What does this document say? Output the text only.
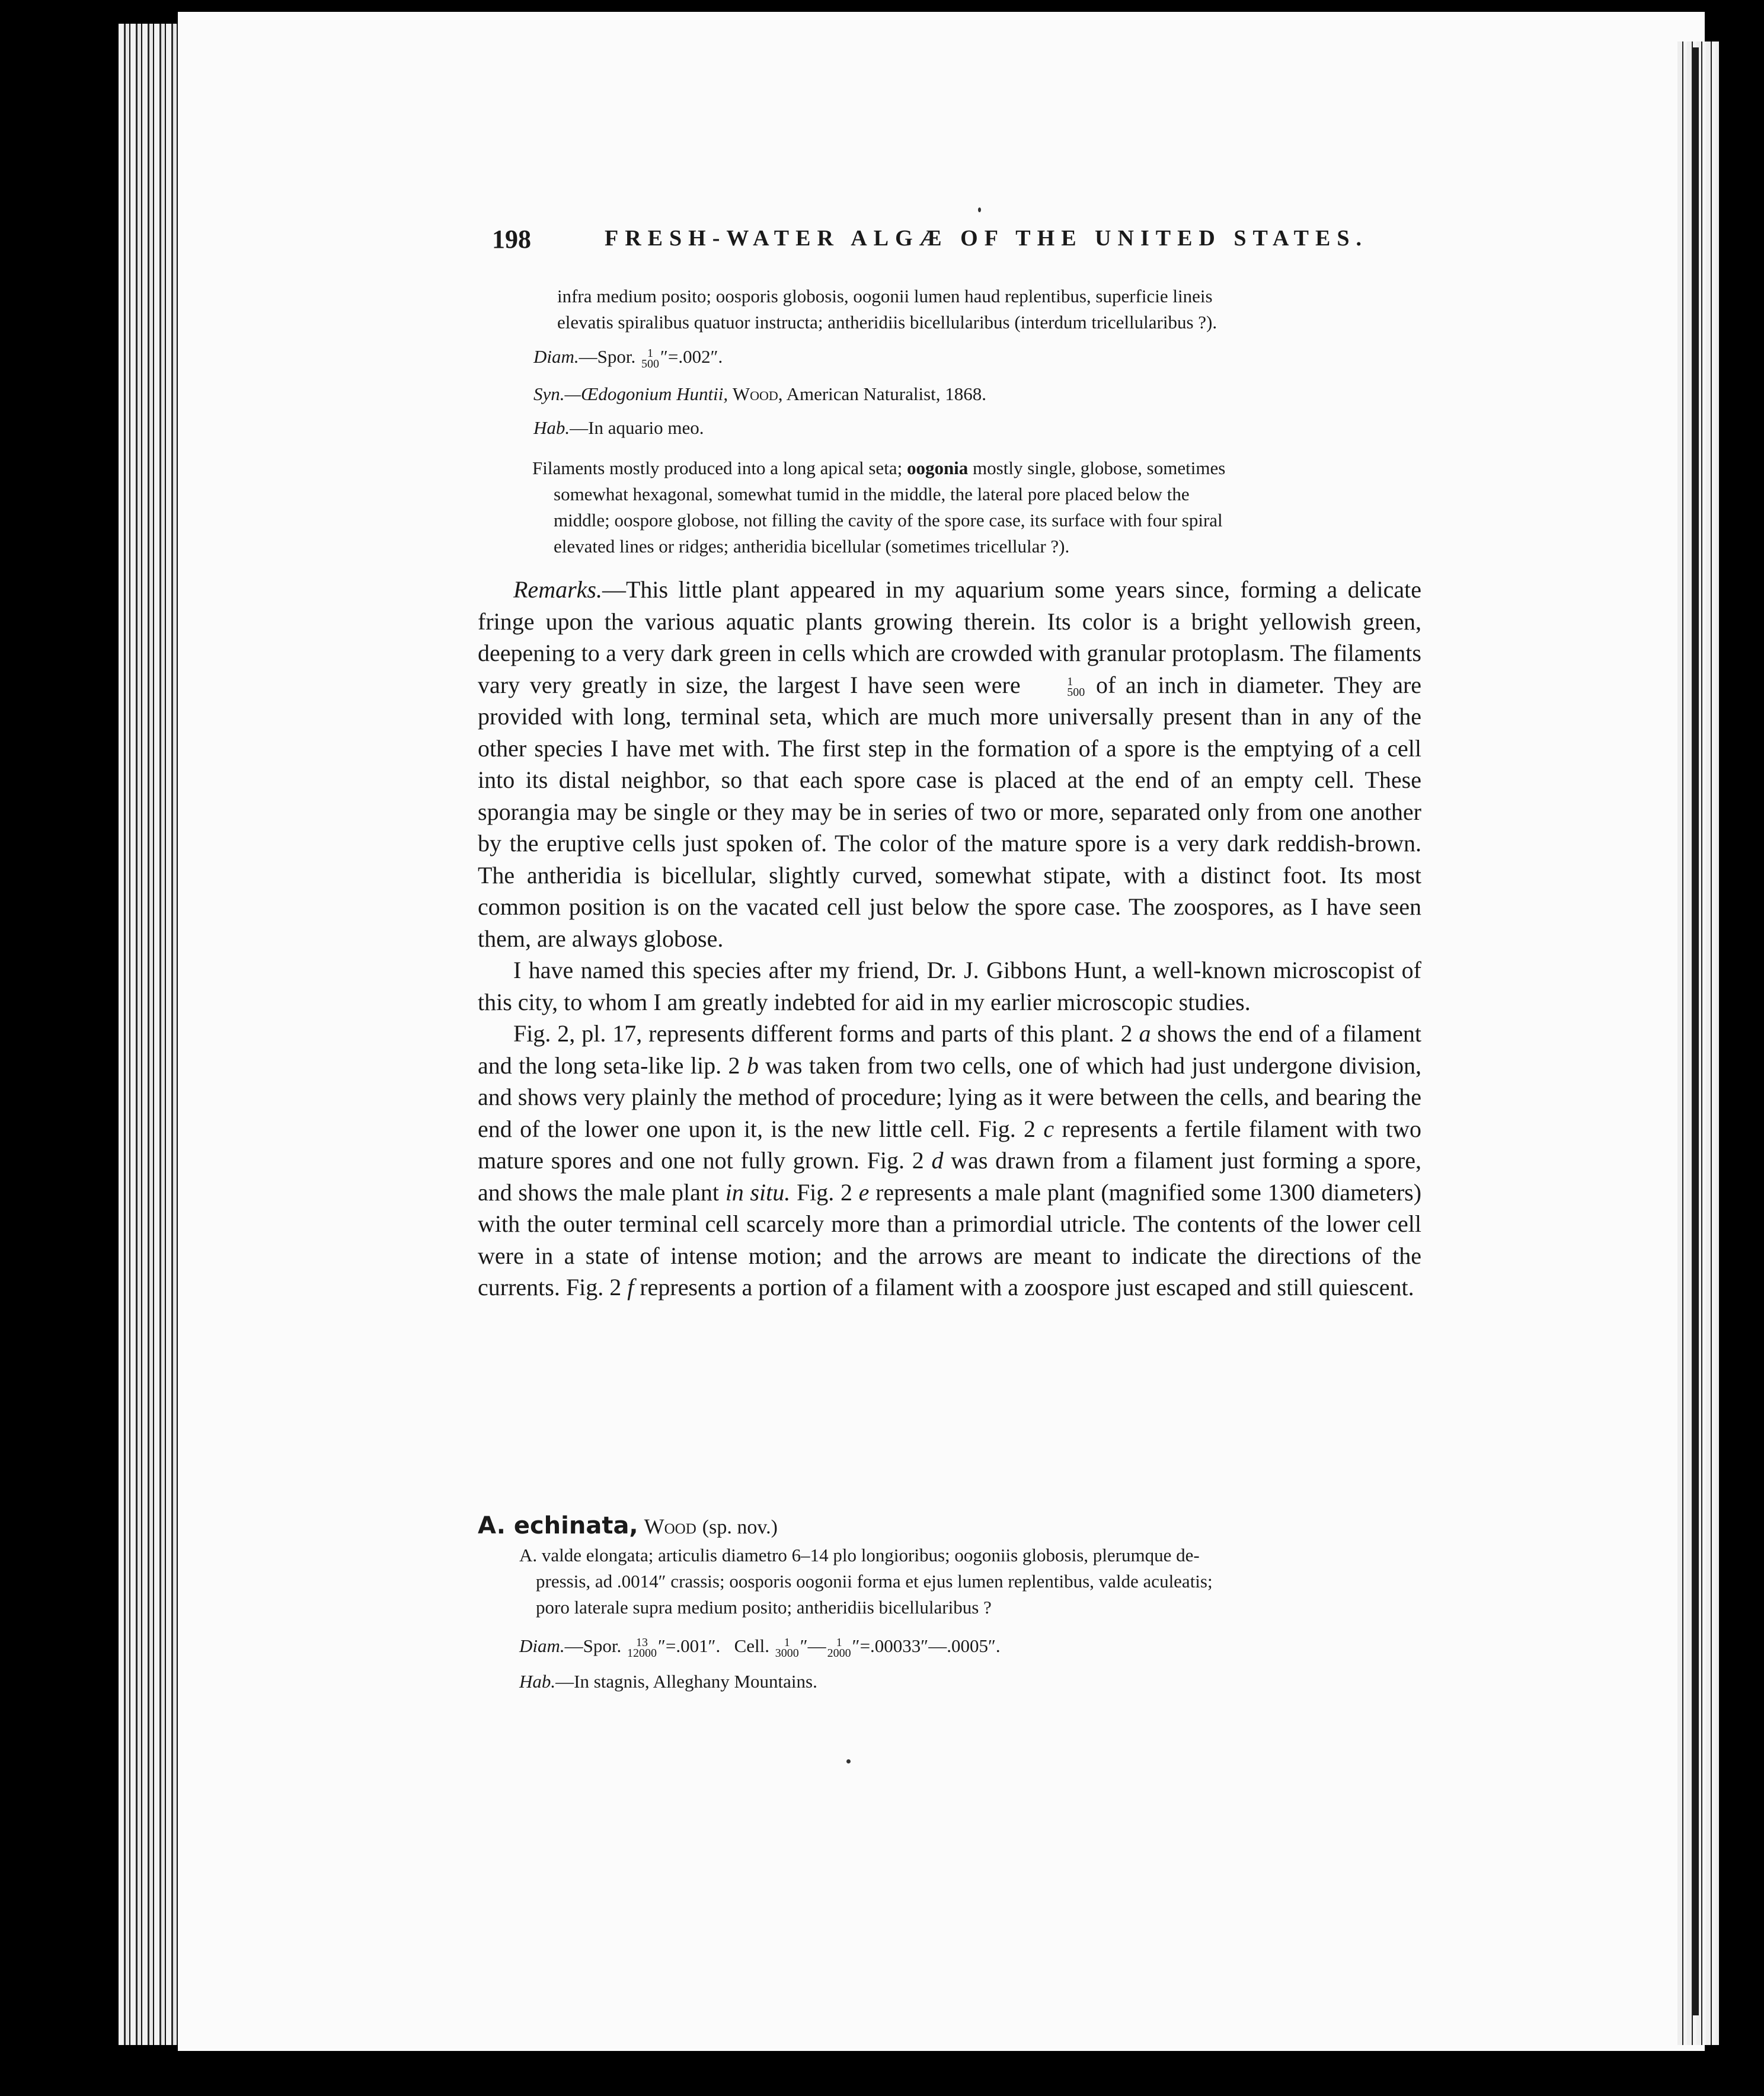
198	FRESH-WATER ALGÆ OF THE UNITED STATES.
infra medium posito; oosporis globosis, oogonii lumen haud replentibus, superficie lineis
elevatis spiralibus quatuor instructa; antheridiis bicellularibus (interdum tricellularibus ?).
Diam.—Spor. 1
500 ″=.002″.
Syn.—Œdogonium Huntii, Wood, American Naturalist, 1868.
Hab.—In aquario meo.
Filaments mostly produced into a long apical seta; oogonia mostly single, globose, sometimes
somewhat hexagonal, somewhat tumid in the middle, the lateral pore placed below the
middle; oospore globose, not filling the cavity of the spore case, its surface with four spiral
elevated lines or ridges; antheridia bicellular (sometimes tricellular ?).

Remarks.—This little plant appeared in my aquarium some years since, forming a delicate fringe upon the various aquatic plants growing therein. Its color is a bright yellowish green, deepening to a very dark green in cells which are crowded with granular protoplasm. The filaments vary very greatly in size, the largest I have seen were	1
500 of an inch in diameter. They are provided with long, terminal seta, which are much more universally present than in any of the other species I have met with. The first step in the formation of a spore is the emptying of a cell into its distal neighbor, so that each spore case is placed at the end of an empty cell. These sporangia may be single or they may be in series of two or more, separated only from one another by the eruptive cells just spoken of. The color of the mature spore is a very dark reddish-brown. The antheridia is bicellular, slightly curved, somewhat stipate, with a distinct foot. Its most common position is on the vacated cell just below the spore case. The zoospores, as I have seen them, are always globose.

I have named this species after my friend, Dr. J. Gibbons Hunt, a well-known microscopist of this city, to whom I am greatly indebted for aid in my earlier microscopic studies.

Fig. 2, pl. 17, represents different forms and parts of this plant. 2 a shows the end of a filament and the long seta-like lip. 2 b was taken from two cells, one of which had just undergone division, and shows very plainly the method of procedure; lying as it were between the cells, and bearing the end of the lower one upon it, is the new little cell. Fig. 2 c represents a fertile filament with two mature spores and one not fully grown. Fig. 2 d was drawn from a filament just forming a spore, and shows the male plant in situ. Fig. 2 e represents a male plant (magnified some 1300 diameters) with the outer terminal cell scarcely more than a primordial utricle. The contents of the lower cell were in a state of intense motion; and the arrows are meant to indicate the directions of the currents. Fig. 2 f represents a portion of a filament with a zoospore just escaped and still quiescent.

A. echinata, Wood (sp. nov.)
A. valde elongata; articulis diametro 6–14 plo longioribus; oogoniis globosis, plerumque de-
pressis, ad .0014″ crassis; oosporis oogonii forma et ejus lumen replentibus, valde aculeatis;
poro laterale supra medium posito; antheridiis bicellularibus ?
Diam.—Spor.	13
12000 ″=.001″. Cell.	1
3000 ″— 1
2000 ″=.00033″—.0005″.
Hab.—In stagnis, Alleghany Mountains.
